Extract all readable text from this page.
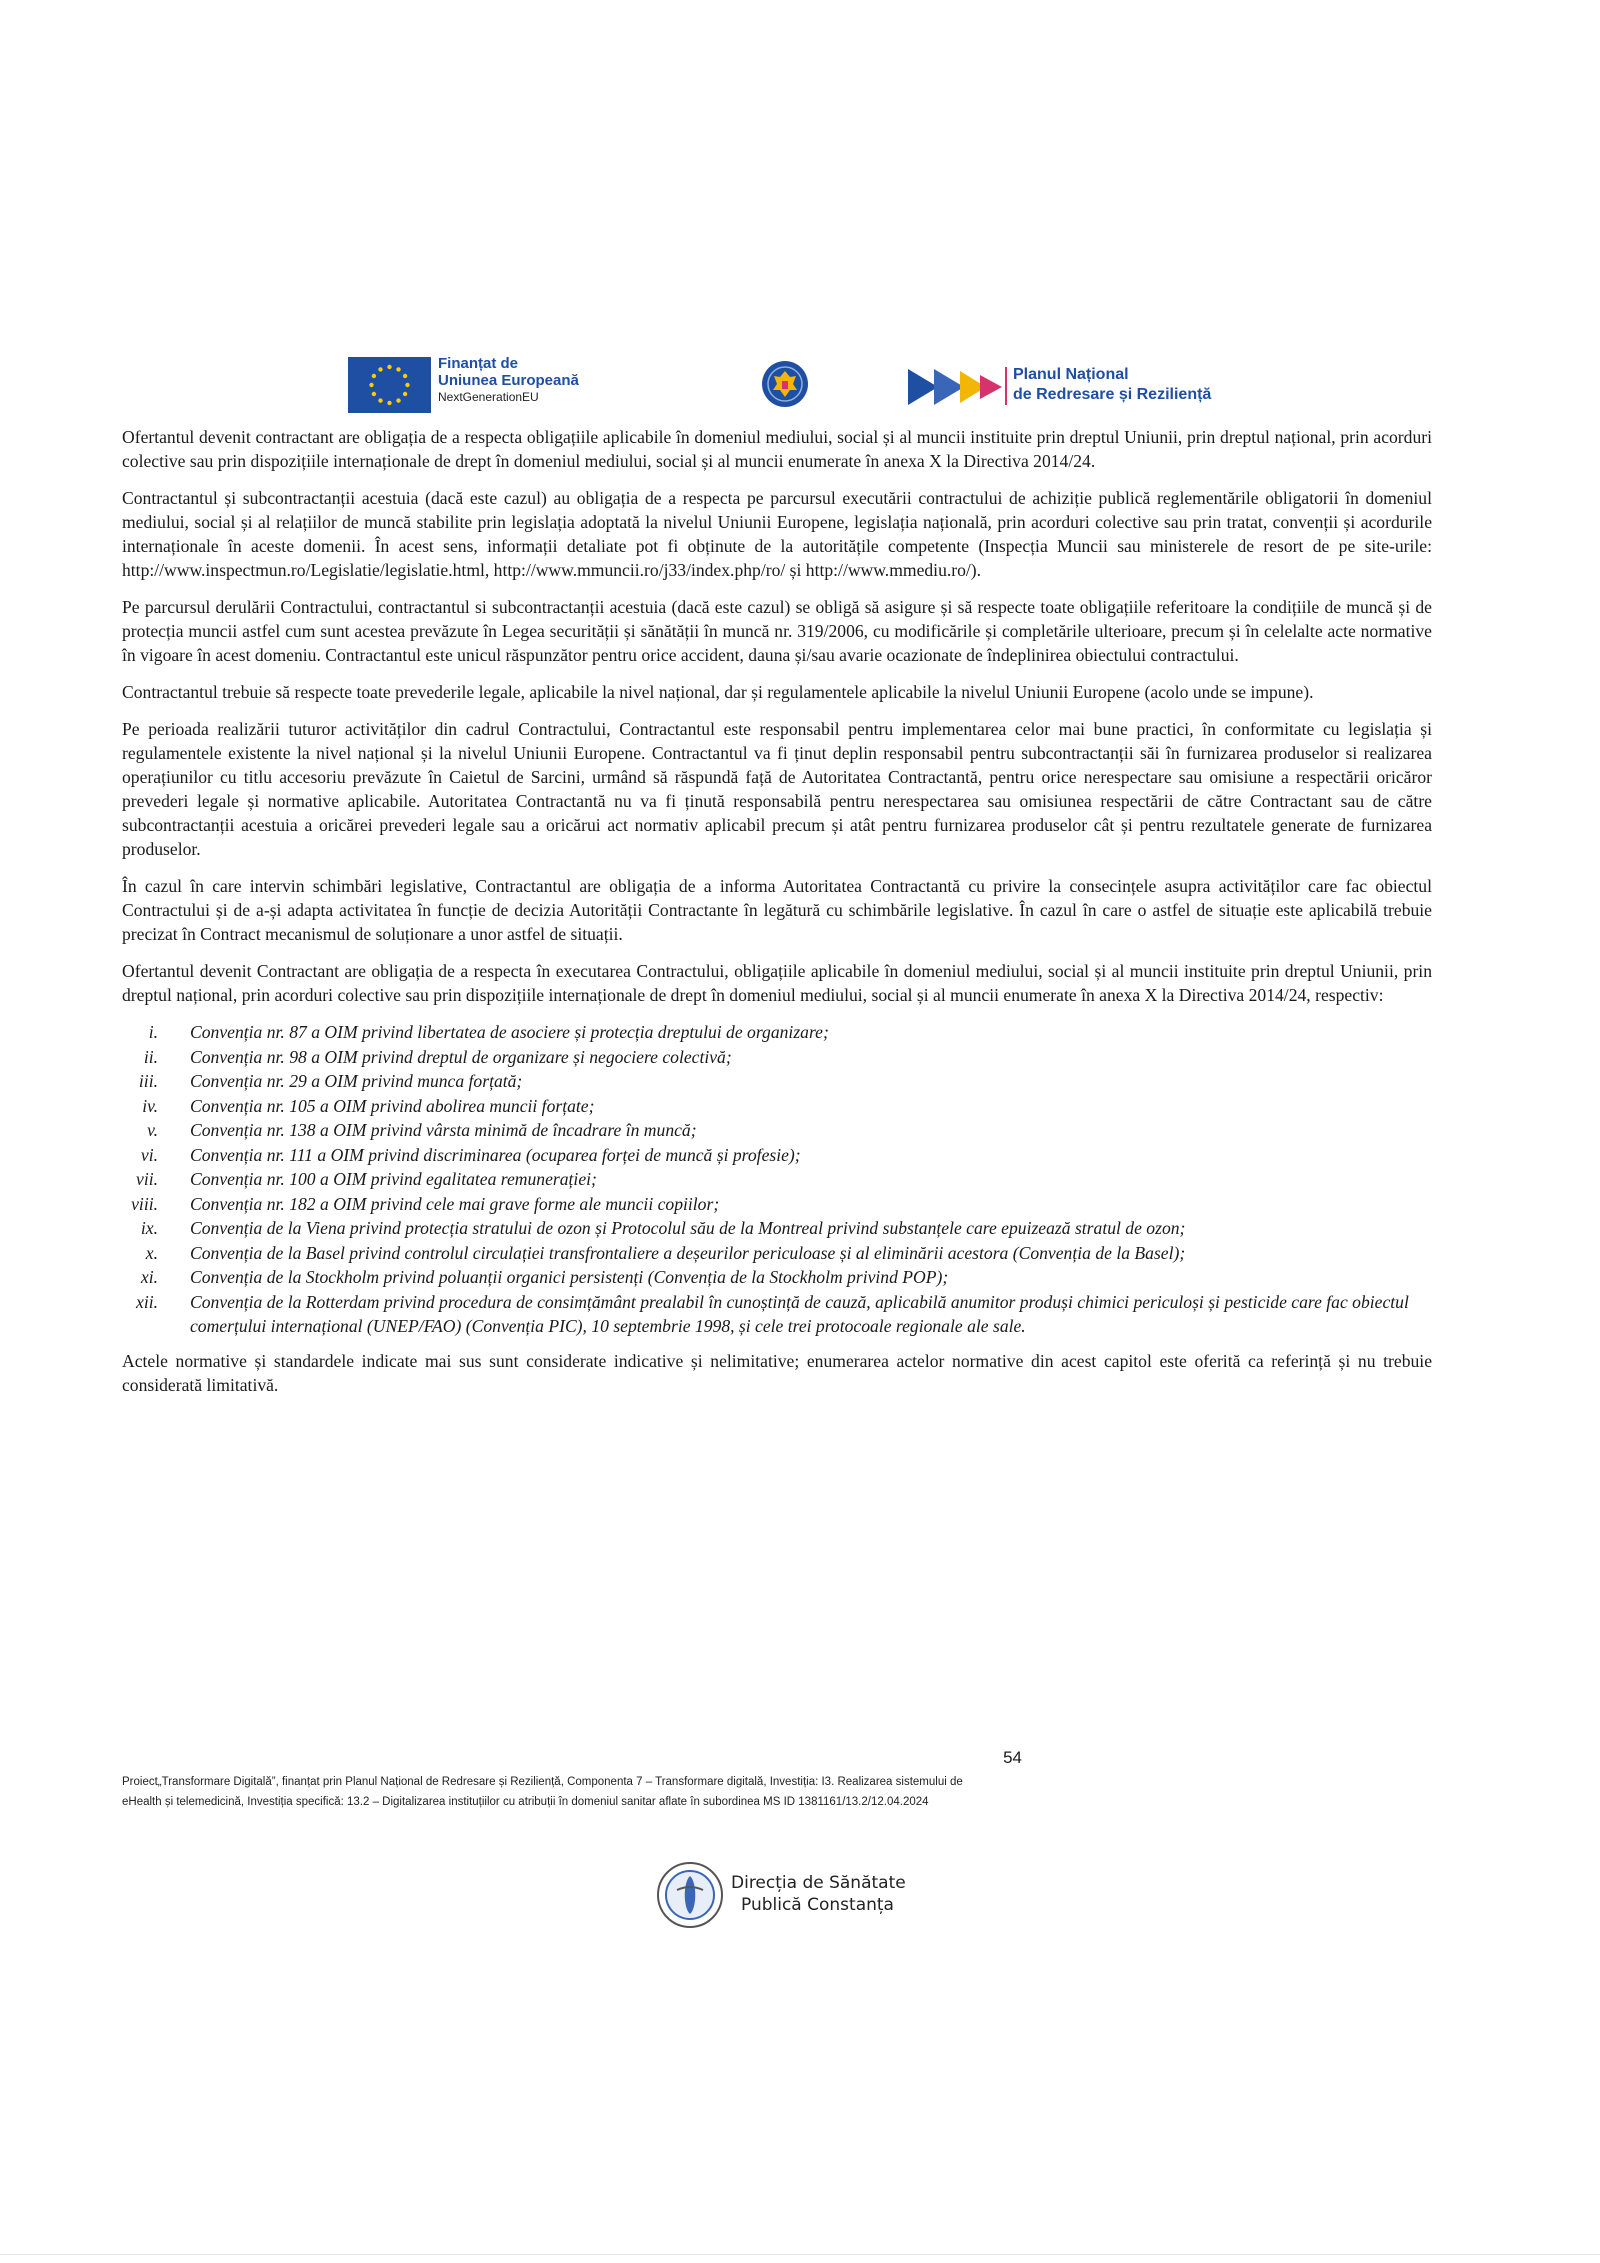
Finanțat de
Uniunea Europeană
NextGenerationEU
Planul Național
de Redresare și Reziliență

Ofertantul devenit contractant are obligația de a respecta obligațiile aplicabile în domeniul mediului, social și al muncii instituite prin dreptul Uniunii, prin dreptul național, prin acorduri colective sau prin dispozițiile internaționale de drept în domeniul mediului, social și al muncii enumerate în anexa X la Directiva 2014/24.

Contractantul și subcontractanții acestuia (dacă este cazul) au obligația de a respecta pe parcursul executării contractului de achiziție publică reglementările obligatorii în domeniul mediului, social și al relațiilor de muncă stabilite prin legislația adoptată la nivelul Uniunii Europene, legislația națională, prin acorduri colective sau prin tratat, convenții și acordurile internaționale în aceste domenii. În acest sens, informații detaliate pot fi obținute de la autoritățile competente (Inspecția Muncii sau ministerele de resort de pe site-urile: http://www.inspectmun.ro/Legislatie/legislatie.html, http://www.mmuncii.ro/j33/index.php/ro/ și http://www.mmediu.ro/).

Pe parcursul derulării Contractului, contractantul si subcontractanții acestuia (dacă este cazul) se obligă să asigure și să respecte toate obligațiile referitoare la condițiile de muncă și de protecția muncii astfel cum sunt acestea prevăzute în Legea securității și sănătății în muncă nr. 319/2006, cu modificările și completările ulterioare, precum și în celelalte acte normative în vigoare în acest domeniu. Contractantul este unicul răspunzător pentru orice accident, dauna și/sau avarie ocazionate de îndeplinirea obiectului contractului.

Contractantul trebuie să respecte toate prevederile legale, aplicabile la nivel național, dar și regulamentele aplicabile la nivelul Uniunii Europene (acolo unde se impune).

Pe perioada realizării tuturor activităților din cadrul Contractului, Contractantul este responsabil pentru implementarea celor mai bune practici, în conformitate cu legislația și regulamentele existente la nivel național și la nivelul Uniunii Europene. Contractantul va fi ținut deplin responsabil pentru subcontractanții săi în furnizarea produselor si realizarea operațiunilor cu titlu accesoriu prevăzute în Caietul de Sarcini, urmând să răspundă față de Autoritatea Contractantă, pentru orice nerespectare sau omisiune a respectării oricăror prevederi legale și normative aplicabile. Autoritatea Contractantă nu va fi ținută responsabilă pentru nerespectarea sau omisiunea respectării de către Contractant sau de către subcontractanții acestuia a oricărei prevederi legale sau a oricărui act normativ aplicabil precum și atât pentru furnizarea produselor cât și pentru rezultatele generate de furnizarea produselor.

În cazul în care intervin schimbări legislative, Contractantul are obligația de a informa Autoritatea Contractantă cu privire la consecințele asupra activităților care fac obiectul Contractului și de a-și adapta activitatea în funcție de decizia Autorității Contractante în legătură cu schimbările legislative. În cazul în care o astfel de situație este aplicabilă trebuie precizat în Contract mecanismul de soluționare a unor astfel de situații.

Ofertantul devenit Contractant are obligația de a respecta în executarea Contractului, obligațiile aplicabile în domeniul mediului, social și al muncii instituite prin dreptul Uniunii, prin dreptul național, prin acorduri colective sau prin dispozițiile internaționale de drept în domeniul mediului, social și al muncii enumerate în anexa X la Directiva 2014/24, respectiv:

i. Convenția nr. 87 a OIM privind libertatea de asociere și protecția dreptului de organizare;
ii. Convenția nr. 98 a OIM privind dreptul de organizare și negociere colectivă;
iii. Convenția nr. 29 a OIM privind munca forțată;
iv. Convenția nr. 105 a OIM privind abolirea muncii forțate;
v. Convenția nr. 138 a OIM privind vârsta minimă de încadrare în muncă;
vi. Convenția nr. 111 a OIM privind discriminarea (ocuparea forței de muncă și profesie);
vii. Convenția nr. 100 a OIM privind egalitatea remunerației;
viii. Convenția nr. 182 a OIM privind cele mai grave forme ale muncii copiilor;
ix. Convenția de la Viena privind protecția stratului de ozon și Protocolul său de la Montreal privind substanțele care epuizează stratul de ozon;
x. Convenția de la Basel privind controlul circulației transfrontaliere a deșeurilor periculoase și al eliminării acestora (Convenția de la Basel);
xi. Convenția de la Stockholm privind poluanții organici persistenți (Convenția de la Stockholm privind POP);
xii. Convenția de la Rotterdam privind procedura de consimțământ prealabil în cunoștință de cauză, aplicabilă anumitor produși chimici periculoși și pesticide care fac obiectul comerțului internațional (UNEP/FAO) (Convenția PIC), 10 septembrie 1998, și cele trei protocoale regionale ale sale.

Actele normative și standardele indicate mai sus sunt considerate indicative și nelimitative; enumerarea actelor normative din acest capitol este oferită ca referință și nu trebuie considerată limitativă.

54
Proiect„Transformare Digitală”, finanțat prin Planul Național de Redresare și Reziliență, Componenta 7 – Transformare digitală, Investiția: I3. Realizarea sistemului de eHealth și telemedicină, Investiția specifică: 13.2 – Digitalizarea instituțiilor cu atribuții în domeniul sanitar aflate în subordinea MS ID 1381161/13.2/12.04.2024
Direcția de Sănătate
Publică Constanța
